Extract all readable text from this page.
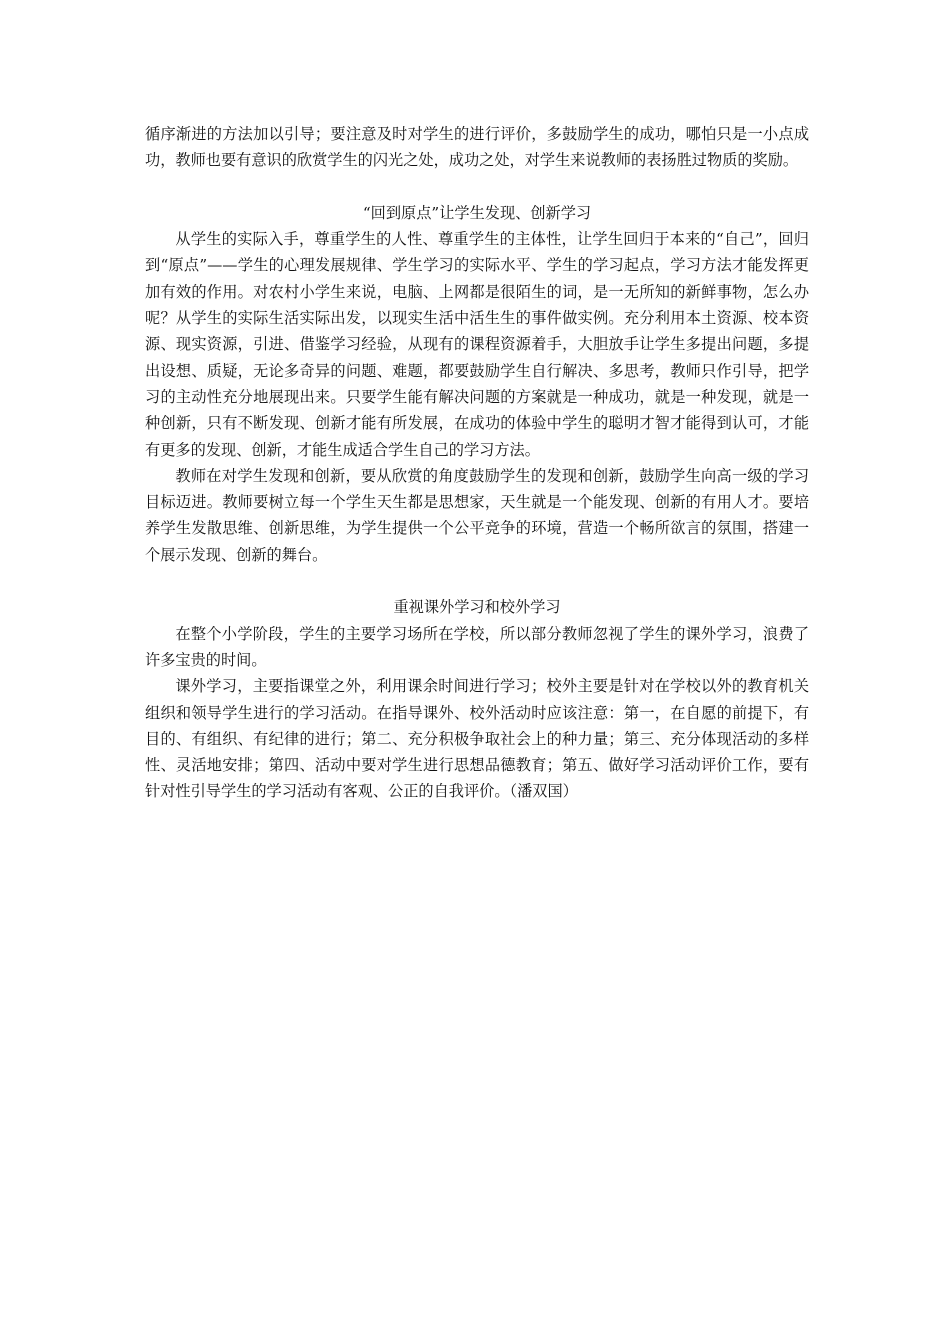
循序渐进的方法加以引导；要注意及时对学生的进行评价，多鼓励学生的成功，哪怕只是一小点成功，教师也要有意识的欣赏学生的闪光之处，成功之处，对学生来说教师的表扬胜过物质的奖励。

“回到原点”让学生发现、创新学习

从学生的实际入手，尊重学生的人性、尊重学生的主体性，让学生回归于本来的“自己”，回归到“原点”——学生的心理发展规律、学生学习的实际水平、学生的学习起点，学习方法才能发挥更加有效的作用。对农村小学生来说，电脑、上网都是很陌生的词，是一无所知的新鲜事物，怎么办呢？从学生的实际生活实际出发，以现实生活中活生生的事件做实例。充分利用本土资源、校本资源、现实资源，引进、借鉴学习经验，从现有的课程资源着手，大胆放手让学生多提出问题，多提出设想、质疑，无论多奇异的问题、难题，都要鼓励学生自行解决、多思考，教师只作引导，把学习的主动性充分地展现出来。只要学生能有解决问题的方案就是一种成功，就是一种发现，就是一种创新，只有不断发现、创新才能有所发展，在成功的体验中学生的聪明才智才能得到认可，才能有更多的发现、创新，才能生成适合学生自己的学习方法。

教师在对学生发现和创新，要从欣赏的角度鼓励学生的发现和创新，鼓励学生向高一级的学习目标迈进。教师要树立每一个学生天生都是思想家，天生就是一个能发现、创新的有用人才。要培养学生发散思维、创新思维，为学生提供一个公平竞争的环境，营造一个畅所欲言的氛围，搭建一个展示发现、创新的舞台。

重视课外学习和校外学习

在整个小学阶段，学生的主要学习场所在学校，所以部分教师忽视了学生的课外学习，浪费了许多宝贵的时间。

课外学习，主要指课堂之外，利用课余时间进行学习；校外主要是针对在学校以外的教育机关组织和领导学生进行的学习活动。在指导课外、校外活动时应该注意：第一，在自愿的前提下，有目的、有组织、有纪律的进行；第二、充分积极争取社会上的种力量；第三、充分体现活动的多样性、灵活地安排；第四、活动中要对学生进行思想品德教育；第五、做好学习活动评价工作，要有针对性引导学生的学习活动有客观、公正的自我评价。（潘双国）
